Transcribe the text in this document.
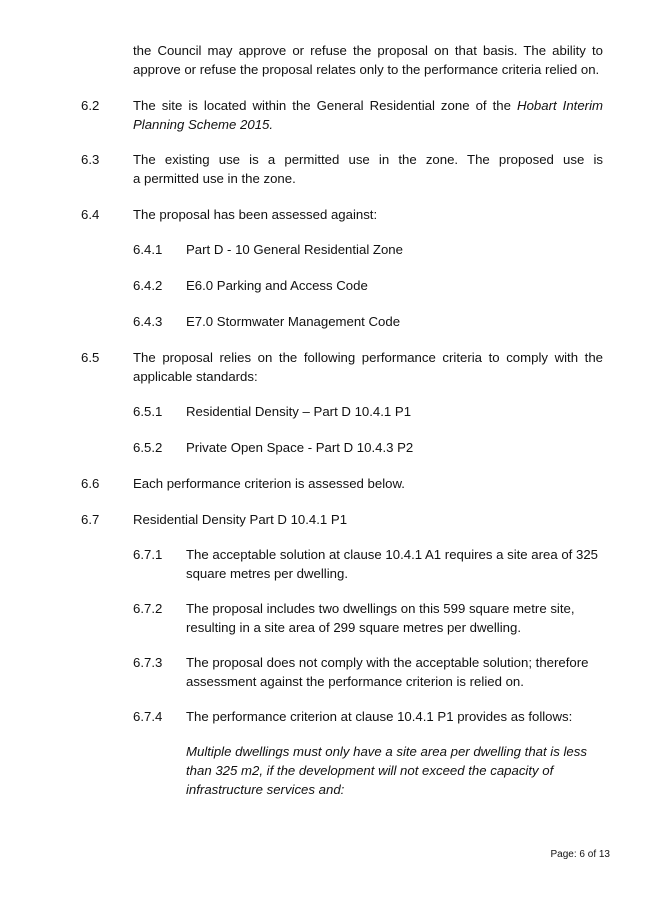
the Council may approve or refuse the proposal on that basis. The ability to
approve or refuse the proposal relates only to the performance criteria relied on.
6.2	The site is located within the General Residential zone of the Hobart Interim
Planning Scheme 2015.
6.3	The existing use is a permitted use in the zone. The proposed use is
a permitted use in the zone.
6.4	The proposal has been assessed against:
6.4.1 Part D - 10 General Residential Zone
6.4.2 E6.0 Parking and Access Code
6.4.3 E7.0 Stormwater Management Code
6.5	The proposal relies on the following performance criteria to comply with the
applicable standards:
6.5.1 Residential Density – Part D 10.4.1 P1
6.5.2 Private Open Space - Part D 10.4.3 P2
6.6	Each performance criterion is assessed below.
6.7	Residential Density Part D 10.4.1 P1
6.7.1 The acceptable solution at clause 10.4.1 A1 requires a site area of 325
square metres per dwelling.
6.7.2 The proposal includes two dwellings on this 599 square metre site,
resulting in a site area of 299 square metres per dwelling.
6.7.3 The proposal does not comply with the acceptable solution; therefore
assessment against the performance criterion is relied on.
6.7.4 The performance criterion at clause 10.4.1 P1 provides as follows:
Multiple dwellings must only have a site area per dwelling that is less
than 325 m2, if the development will not exceed the capacity of
infrastructure services and:
Page: 6 of 13
